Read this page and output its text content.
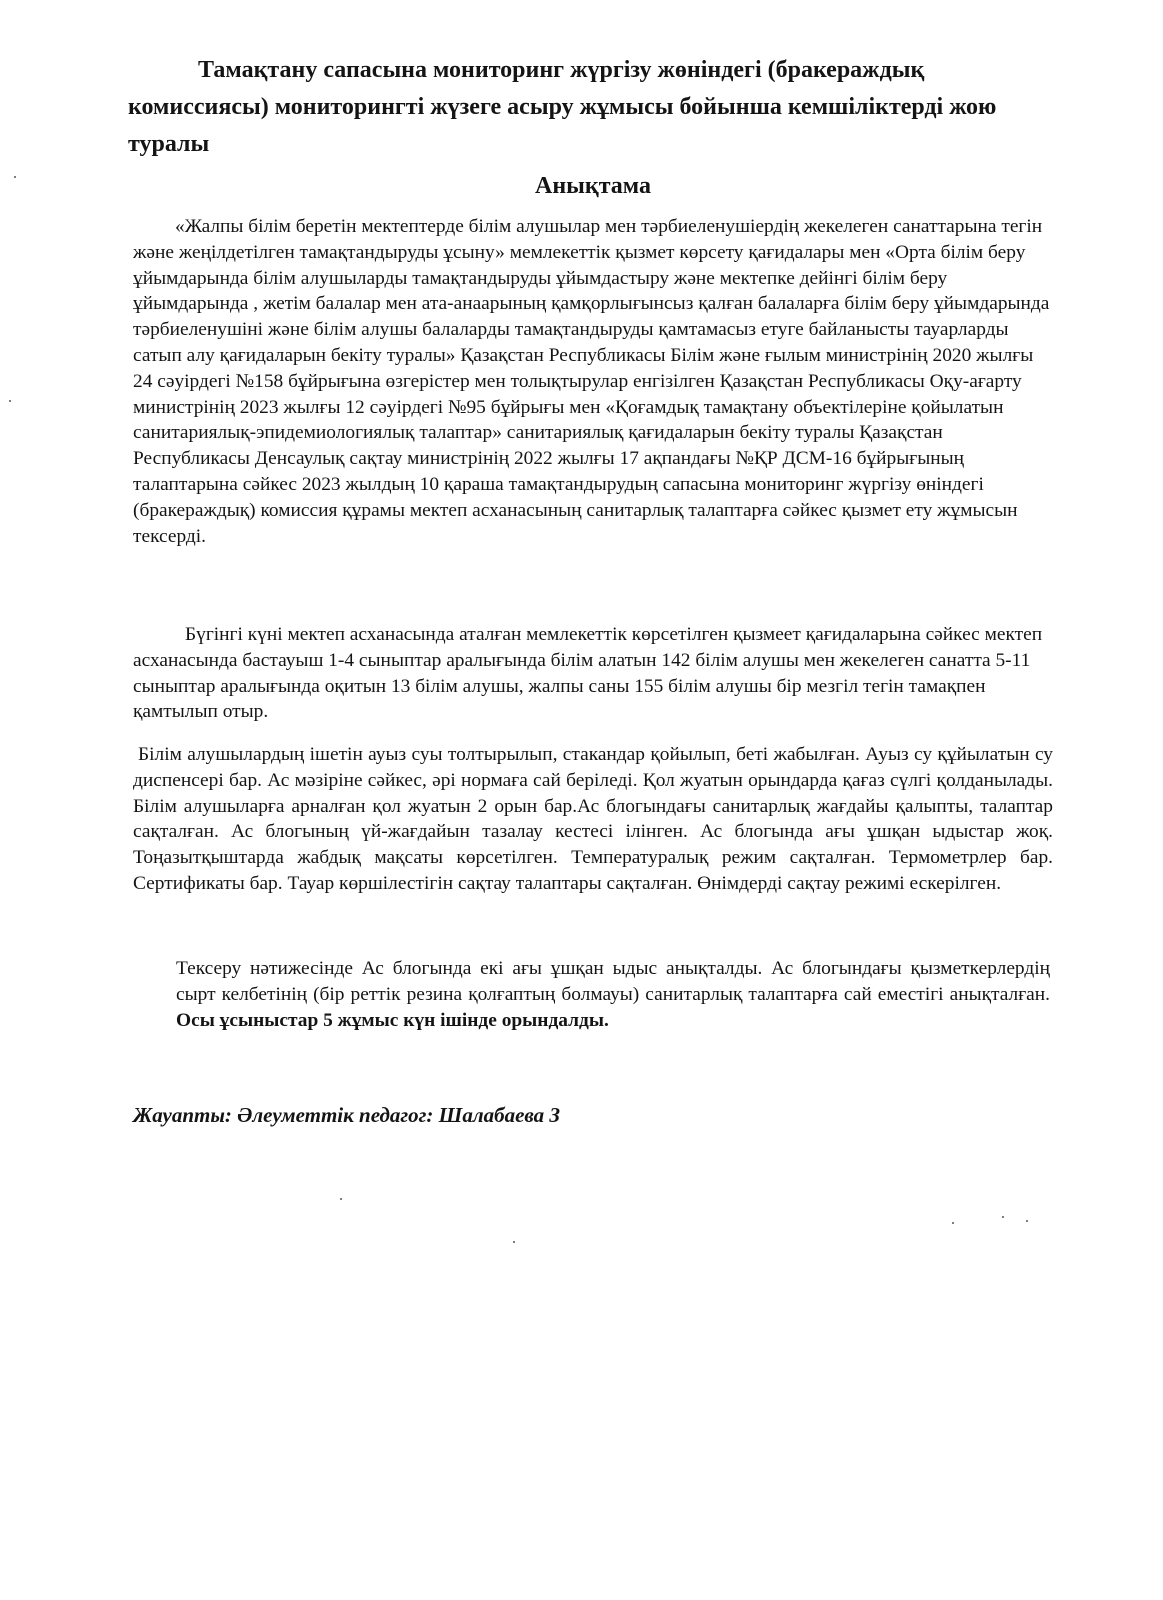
Тамақтану сапасына мониторинг жүргізу жөніндегі (бракераждық комиссиясы) мониторингті жүзеге асыру жұмысы бойынша кемшіліктерді жою туралы
Анықтама

«Жалпы білім беретін мектептерде білім алушылар мен тәрбиеленушіердің жекелеген санаттарына тегін және жеңілдетілген тамақтандыруды ұсыну» мемлекеттік қызмет көрсету қағидалары мен «Орта білім беру ұйымдарында білім алушыларды тамақтандыруды ұйымдастыру және мектепке дейінгі білім беру ұйымдарында , жетім балалар мен ата-анаарының қамқорлығынсыз қалған балаларға білім беру ұйымдарында тәрбиеленушіні және білім алушы балаларды тамақтандыруды қамтамасыз етуге байланысты тауарларды сатып алу қағидаларын бекіту туралы» Қазақстан Республикасы Білім және ғылым министрінің 2020 жылғы 24 сәуірдегі №158 бұйрығына өзгерістер мен толықтырулар енгізілген Қазақстан Республикасы Оқу-ағарту министрінің 2023 жылғы 12 сәуірдегі №95 бұйрығы мен «Қоғамдық тамақтану объектілеріне қойылатын санитариялық-эпидемиологиялық талаптар» санитариялық қағидаларын бекіту туралы Қазақстан Республикасы Денсаулық сақтау министрінің 2022 жылғы 17 ақпандағы №ҚР ДСМ-16 бұйрығының талаптарына сәйкес 2023 жылдың 10 қараша тамақтандырудың сапасына мониторинг жүргізу өніндегі (бракераждық) комиссия құрамы мектеп асханасының санитарлық талаптарға сәйкес қызмет ету жұмысын тексерді.

Бүгінгі күні мектеп асханасында аталған мемлекеттік көрсетілген қызмеет қағидаларына сәйкес мектеп асханасында бастауыш 1-4 сыныптар аралығында білім алатын 142 білім алушы мен жекелеген санатта 5-11 сыныптар аралығында оқитын 13 білім алушы, жалпы саны 155 білім алушы бір мезгіл тегін тамақпен қамтылып отыр.

Білім алушылардың ішетін ауыз суы толтырылып, стакандар қойылып, беті жабылған. Ауыз су құйылатын су диспенсері бар. Ас мәзіріне сәйкес, әрі нормаға сай беріледі. Қол жуатын орындарда қағаз сүлгі қолданылады. Білім алушыларға арналған қол жуатын 2 орын бар.Ас блогындағы санитарлық жағдайы қалыпты, талаптар сақталған. Ас блогының үй-жағдайын тазалау кестесі ілінген. Ас блогында ағы ұшқан ыдыстар жоқ. Тоңазытқыштарда жабдық мақсаты көрсетілген. Температуралық режим сақталған. Термометрлер бар. Сертификаты бар. Тауар көршілестігін сақтау талаптары сақталған. Өнімдерді сақтау режимі ескерілген.

Тексеру нәтижесінде Ас блогында екі ағы ұшқан ыдыс анықталды. Ас блогындағы қызметкерлердің сырт келбетінің (бір реттік резина қолғаптың болмауы) санитарлық талаптарға сай еместігі анықталған. Осы ұсыныстар 5 жұмыс күн ішінде орындалды.

Жауапты: Әлеуметтік педагог: Шалабаева З
